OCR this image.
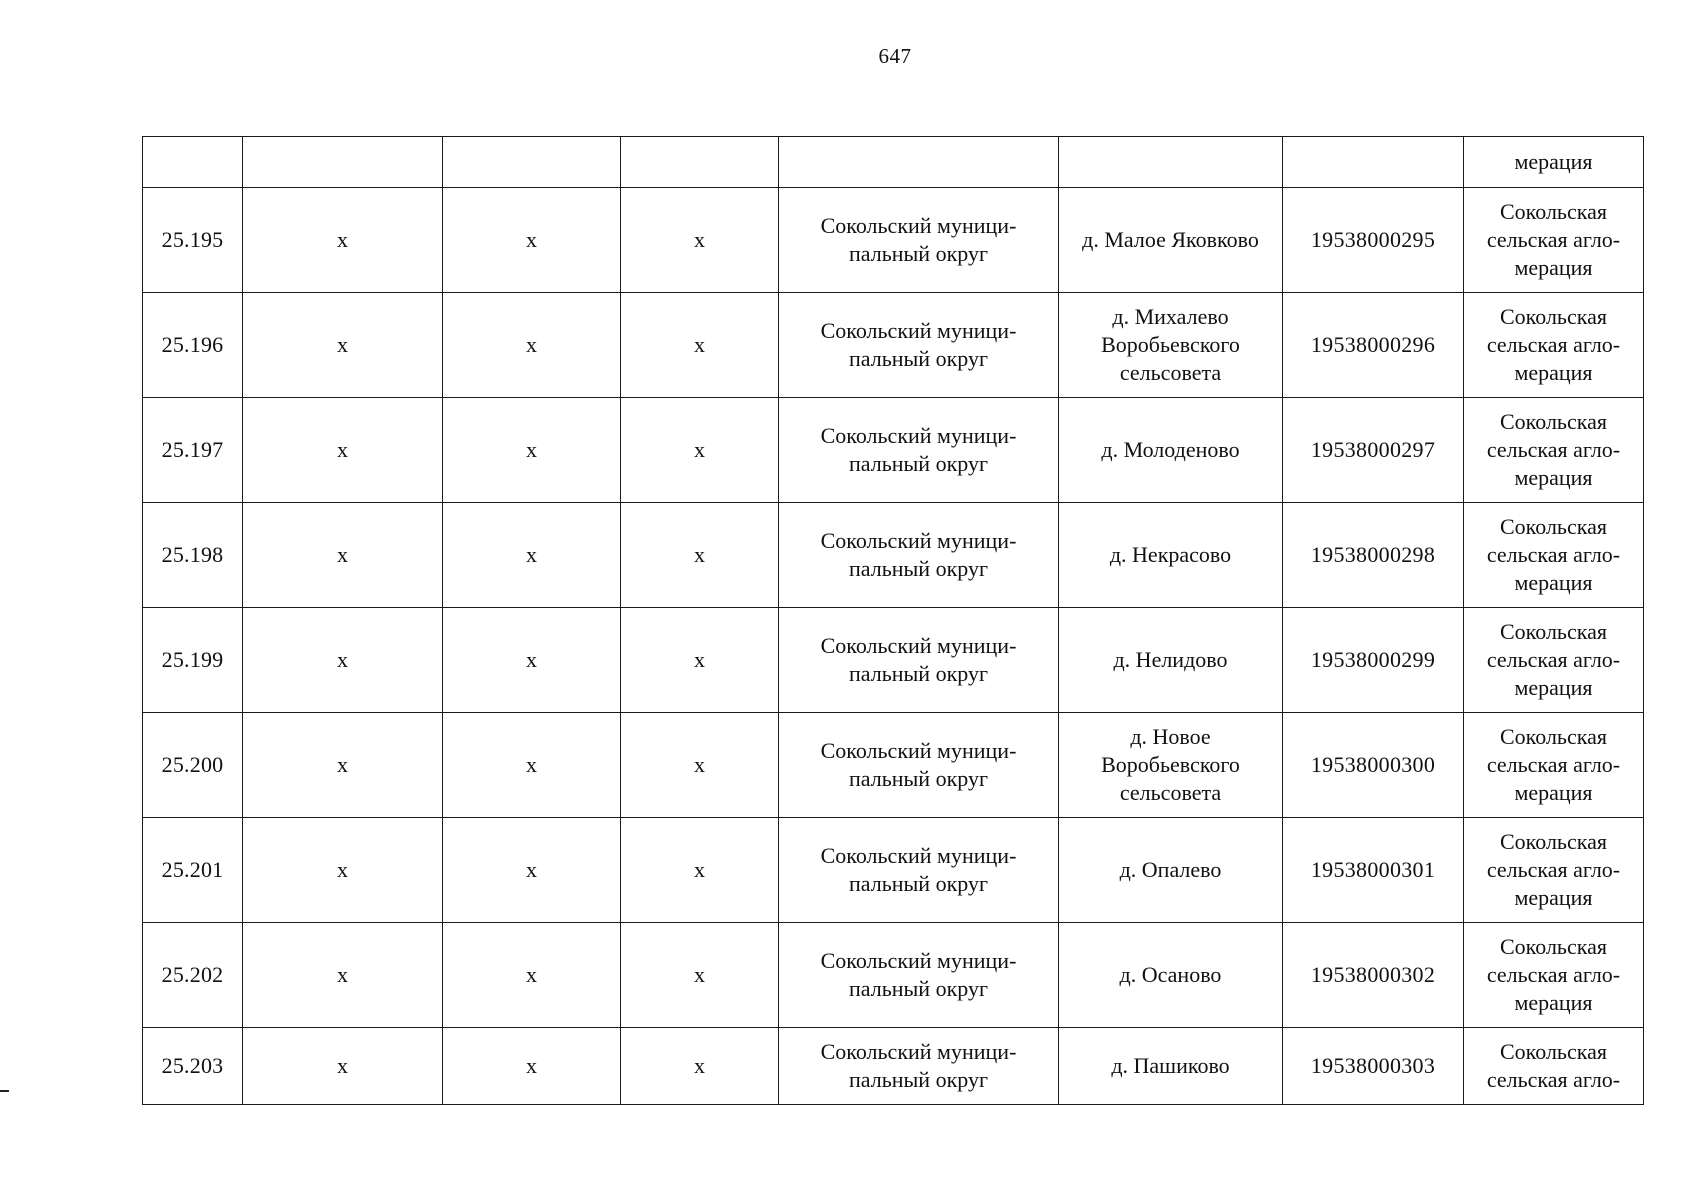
647
							мерация
25.195	x	x	x	Сокольский муници-
пальный округ	д. Малое Яковково	19538000295	Сокольская
сельская агло-
мерация
25.196	x	x	x	Сокольский муници-
пальный округ	д. Михалево
Воробьевского
сельсовета	19538000296	Сокольская
сельская агло-
мерация
25.197	x	x	x	Сокольский муници-
пальный округ	д. Молоденово	19538000297	Сокольская
сельская агло-
мерация
25.198	x	x	x	Сокольский муници-
пальный округ	д. Некрасово	19538000298	Сокольская
сельская агло-
мерация
25.199	x	x	x	Сокольский муници-
пальный округ	д. Нелидово	19538000299	Сокольская
сельская агло-
мерация
25.200	x	x	x	Сокольский муници-
пальный округ	д. Новое
Воробьевского
сельсовета	19538000300	Сокольская
сельская агло-
мерация
25.201	x	x	x	Сокольский муници-
пальный округ	д. Опалево	19538000301	Сокольская
сельская агло-
мерация
25.202	x	x	x	Сокольский муници-
пальный округ	д. Осаново	19538000302	Сокольская
сельская агло-
мерация
25.203	x	x	x	Сокольский муници-
пальный округ	д. Пашиково	19538000303	Сокольская
сельская агло-
